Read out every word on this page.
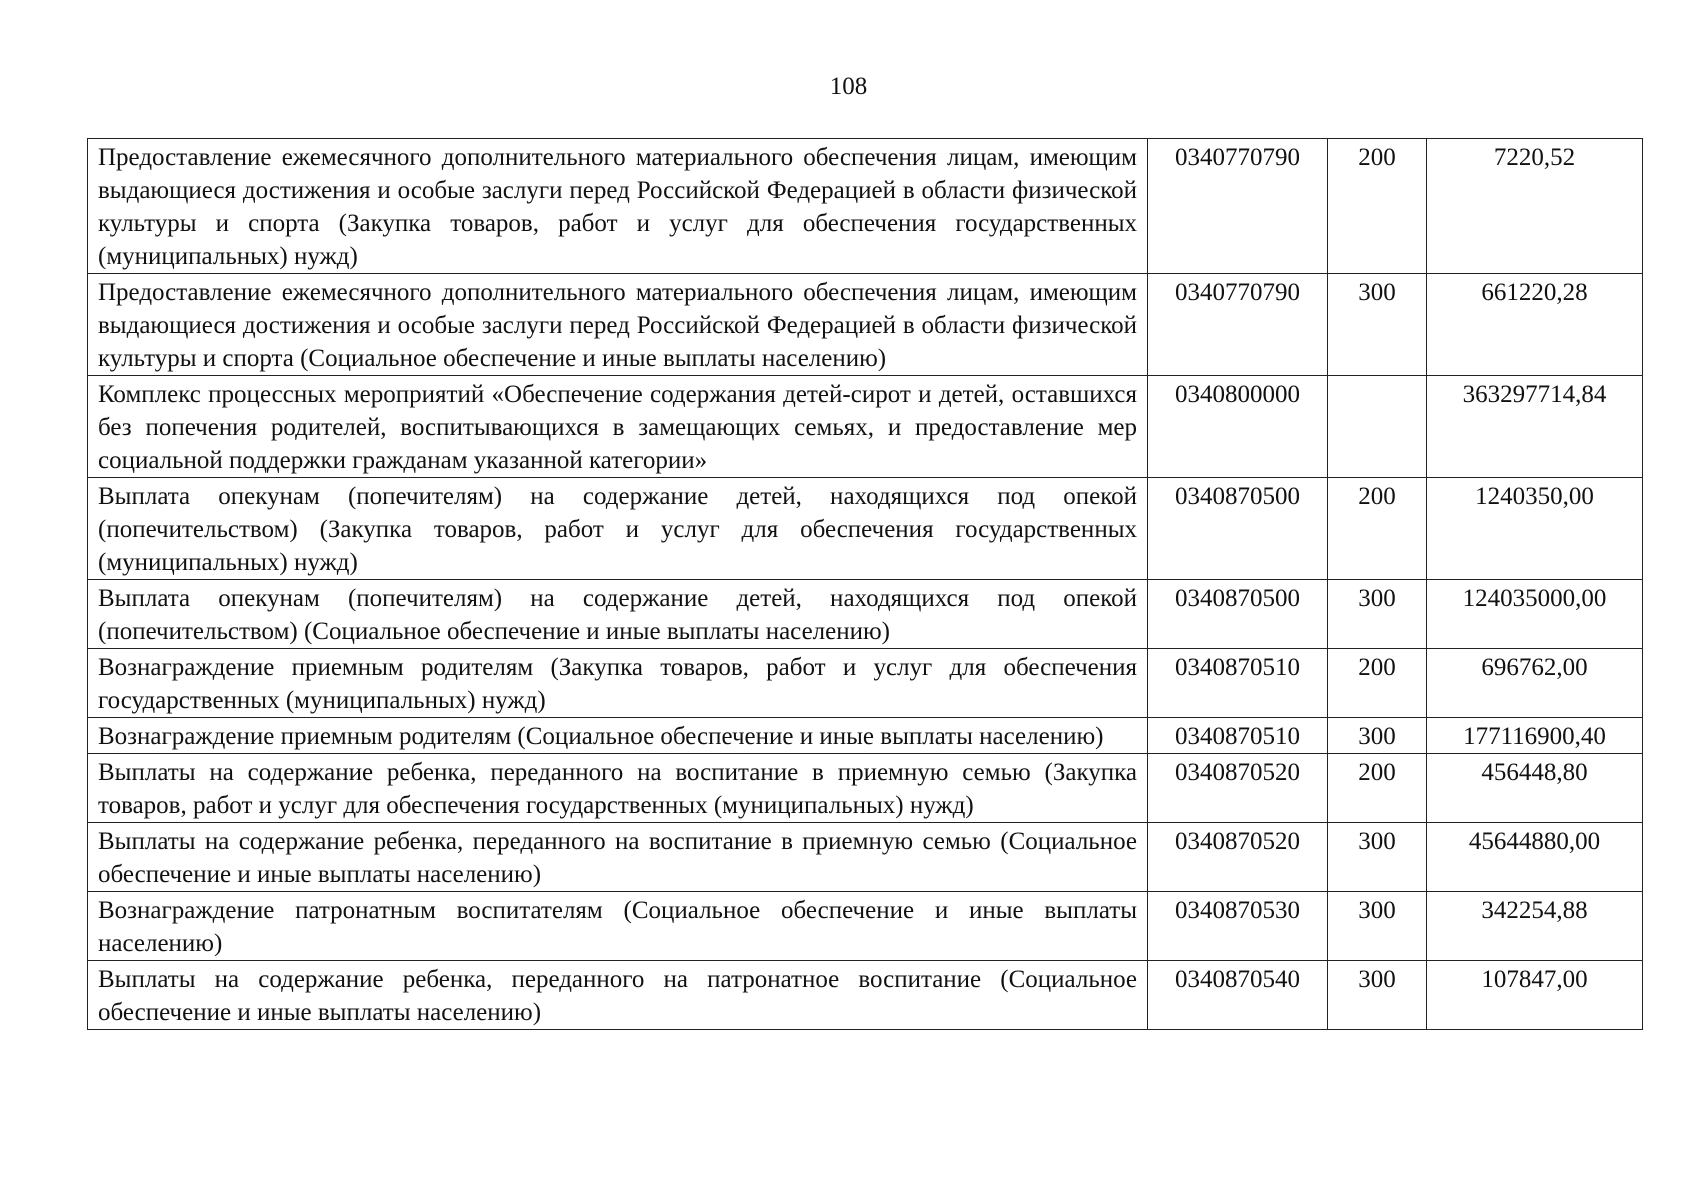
108
Предоставление ежемесячного дополнительного материального обеспечения лицам, имеющим выдающиеся достижения и особые заслуги перед Российской Федерацией в области физической культуры и спорта (Закупка товаров, работ и услуг для обеспечения государственных (муниципальных) нужд)	0340770790	200	7220,52
Предоставление ежемесячного дополнительного материального обеспечения лицам, имеющим выдающиеся достижения и особые заслуги перед Российской Федерацией в области физической культуры и спорта (Социальное обеспечение и иные выплаты населению)	0340770790	300	661220,28
Комплекс процессных мероприятий «Обеспечение содержания детей-сирот и детей, оставшихся без попечения родителей, воспитывающихся в замещающих семьях, и предоставление мер социальной поддержки гражданам указанной категории»	0340800000		363297714,84
Выплата опекунам (попечителям) на содержание детей, находящихся под опекой (попечительством) (Закупка товаров, работ и услуг для обеспечения государственных (муниципальных) нужд)	0340870500	200	1240350,00
Выплата опекунам (попечителям) на содержание детей, находящихся под опекой (попечительством) (Социальное обеспечение и иные выплаты населению)	0340870500	300	124035000,00
Вознаграждение приемным родителям (Закупка товаров, работ и услуг для обеспечения государственных (муниципальных) нужд)	0340870510	200	696762,00
Вознаграждение приемным родителям (Социальное обеспечение и иные выплаты населению)	0340870510	300	177116900,40
Выплаты на содержание ребенка, переданного на воспитание в приемную семью (Закупка товаров, работ и услуг для обеспечения государственных (муниципальных) нужд)	0340870520	200	456448,80
Выплаты на содержание ребенка, переданного на воспитание в приемную семью (Социальное обеспечение и иные выплаты населению)	0340870520	300	45644880,00
Вознаграждение патронатным воспитателям (Социальное обеспечение и иные выплаты населению)	0340870530	300	342254,88
Выплаты на содержание ребенка, переданного на патронатное воспитание (Социальное обеспечение и иные выплаты населению)	0340870540	300	107847,00
